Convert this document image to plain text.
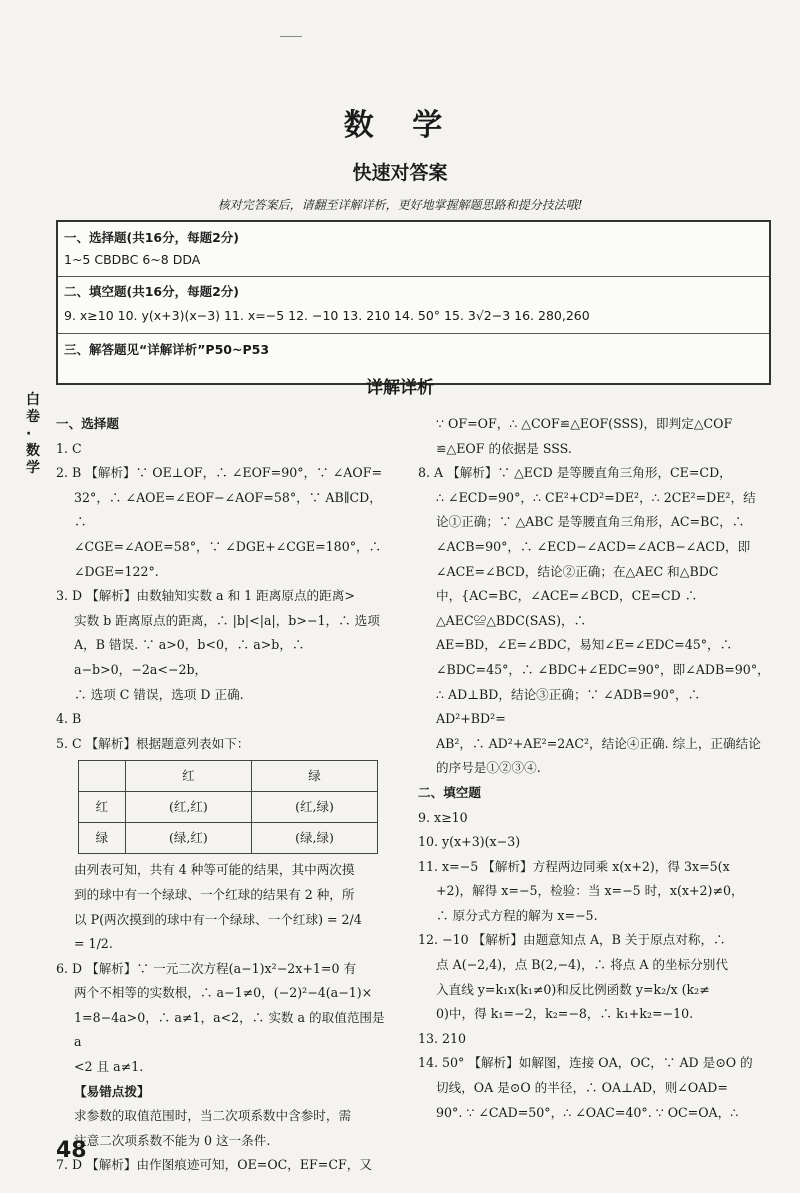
数 学
快速对答案
核对完答案后，请翻至详解详析，更好地掌握解题思路和提分技法哦!
一、选择题(共16分，每题2分)
1~5 CBDBC 6~8 DDA
二、填空题(共16分，每题2分)
9. x≥10 10. y(x+3)(x−3) 11. x=−5 12. −10 13. 210 14. 50° 15. 3√2−3 16. 280,260
三、解答题见“详解详析”P50~P53
详解详析
白卷·数学

一、选择题

1. C

2. B 【解析】∵ OE⊥OF，∴ ∠EOF=90°，∵ ∠AOF=

32°，∴ ∠AOE=∠EOF−∠AOF=58°，∵ AB∥CD，∴

∠CGE=∠AOE=58°，∵ ∠DGE+∠CGE=180°，∴

∠DGE=122°.

3. D 【解析】由数轴知实数 a 和 1 距离原点的距离>

实数 b 距离原点的距离，∴ |b|<|a|，b>−1，∴ 选项

A，B 错误. ∵ a>0，b<0，∴ a>b，∴ a−b>0，−2a<−2b，

∴ 选项 C 错误，选项 D 正确.

4. B

5. C 【解析】根据题意列表如下：

	红	绿
红	(红,红)	(红,绿)
绿	(绿,红)	(绿,绿)

由列表可知，共有 4 种等可能的结果，其中两次摸

到的球中有一个绿球、一个红球的结果有 2 种，所

以 P(两次摸到的球中有一个绿球、一个红球) = 2/4

= 1/2.

6. D 【解析】∵ 一元二次方程(a−1)x²−2x+1=0 有

两个不相等的实数根，∴ a−1≠0，(−2)²−4(a−1)×

1=8−4a>0，∴ a≠1，a<2，∴ 实数 a 的取值范围是 a

<2 且 a≠1.

【易错点拨】

求参数的取值范围时，当二次项系数中含参时，需

注意二次项系数不能为 0 这一条件.

7. D 【解析】由作图痕迹可知，OE=OC，EF=CF，又

∵ OF=OF，∴ △COF≌△EOF(SSS)，即判定△COF

≌△EOF 的依据是 SSS.

8. A 【解析】∵ △ECD 是等腰直角三角形，CE=CD，

∴ ∠ECD=90°，∴ CE²+CD²=DE²，∴ 2CE²=DE²，结

论①正确；∵ △ABC 是等腰直角三角形，AC=BC，∴

∠ACB=90°，∴ ∠ECD−∠ACD=∠ACB−∠ACD，即

∠ACE=∠BCD，结论②正确；在△AEC 和△BDC

中，{AC=BC，∠ACE=∠BCD，CE=CD ∴ △AEC≌△BDC(SAS)，∴

AE=BD，∠E=∠BDC，易知∠E=∠EDC=45°，∴

∠BDC=45°，∴ ∠BDC+∠EDC=90°，即∠ADB=90°，

∴ AD⊥BD，结论③正确；∵ ∠ADB=90°，∴ AD²+BD²=

AB²，∴ AD²+AE²=2AC²，结论④正确. 综上，正确结论

的序号是①②③④.

二、填空题

9. x≥10

10. y(x+3)(x−3)

11. x=−5 【解析】方程两边同乘 x(x+2)，得 3x=5(x

+2)，解得 x=−5，检验：当 x=−5 时，x(x+2)≠0，

∴ 原分式方程的解为 x=−5.

12. −10 【解析】由题意知点 A，B 关于原点对称，∴

点 A(−2,4)，点 B(2,−4)，∴ 将点 A 的坐标分别代

入直线 y=k₁x(k₁≠0)和反比例函数 y=k₂/x (k₂≠

0)中，得 k₁=−2，k₂=−8，∴ k₁+k₂=−10.

13. 210

14. 50° 【解析】如解图，连接 OA，OC，∵ AD 是⊙O 的

切线，OA 是⊙O 的半径，∴ OA⊥AD，则∠OAD=

90°. ∵ ∠CAD=50°，∴ ∠OAC=40°. ∵ OC=OA，∴

48
